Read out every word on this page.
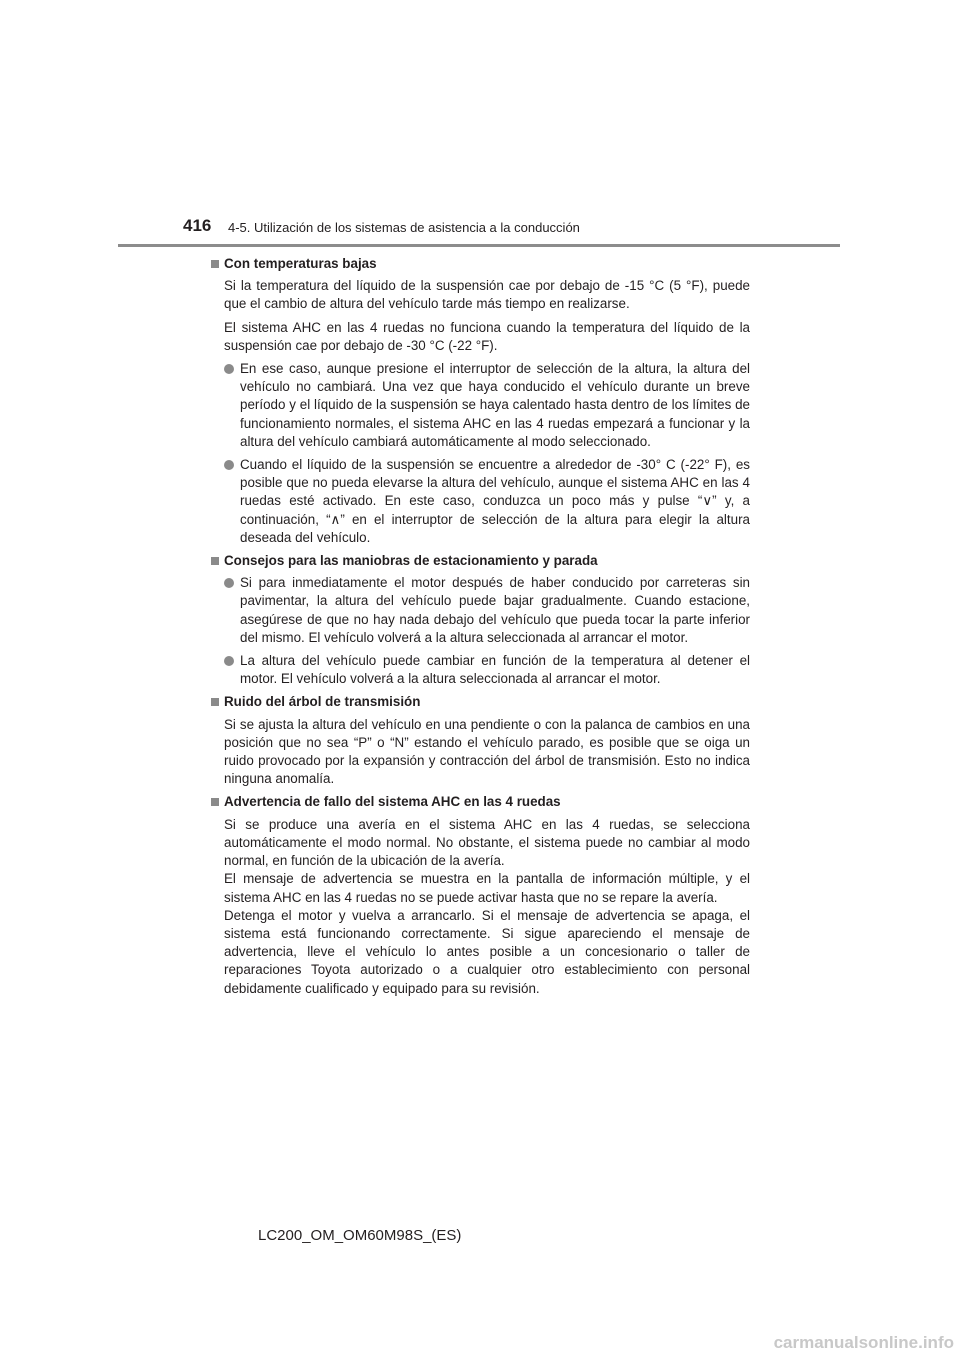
416 4-5. Utilización de los sistemas de asistencia a la conducción
Con temperaturas bajas
Si la temperatura del líquido de la suspensión cae por debajo de -15 °C (5 °F), puede que el cambio de altura del vehículo tarde más tiempo en realizarse.
El sistema AHC en las 4 ruedas no funciona cuando la temperatura del líquido de la suspensión cae por debajo de -30 °C (-22 °F).
En ese caso, aunque presione el interruptor de selección de la altura, la altura del vehículo no cambiará. Una vez que haya conducido el vehículo durante un breve período y el líquido de la suspensión se haya calentado hasta dentro de los límites de funcionamiento normales, el sistema AHC en las 4 ruedas empezará a funcionar y la altura del vehículo cambiará automáticamente al modo seleccionado.
Cuando el líquido de la suspensión se encuentre a alrededor de -30° C (-22° F), es posible que no pueda elevarse la altura del vehículo, aunque el sistema AHC en las 4 ruedas esté activado. En este caso, conduzca un poco más y pulse “∨” y, a continuación, “∧” en el interruptor de selección de la altura para elegir la altura deseada del vehículo.
Consejos para las maniobras de estacionamiento y parada
Si para inmediatamente el motor después de haber conducido por carreteras sin pavimentar, la altura del vehículo puede bajar gradualmente. Cuando estacione, asegúrese de que no hay nada debajo del vehículo que pueda tocar la parte inferior del mismo. El vehículo volverá a la altura seleccionada al arrancar el motor.
La altura del vehículo puede cambiar en función de la temperatura al detener el motor. El vehículo volverá a la altura seleccionada al arrancar el motor.
Ruido del árbol de transmisión
Si se ajusta la altura del vehículo en una pendiente o con la palanca de cambios en una posición que no sea “P” o “N” estando el vehículo parado, es posible que se oiga un ruido provocado por la expansión y contracción del árbol de transmisión. Esto no indica ninguna anomalía.
Advertencia de fallo del sistema AHC en las 4 ruedas
Si se produce una avería en el sistema AHC en las 4 ruedas, se selecciona automáticamente el modo normal. No obstante, el sistema puede no cambiar al modo normal, en función de la ubicación de la avería.
El mensaje de advertencia se muestra en la pantalla de información múltiple, y el sistema AHC en las 4 ruedas no se puede activar hasta que no se repare la avería.
Detenga el motor y vuelva a arrancarlo. Si el mensaje de advertencia se apaga, el sistema está funcionando correctamente. Si sigue apareciendo el mensaje de advertencia, lleve el vehículo lo antes posible a un concesionario o taller de reparaciones Toyota autorizado o a cualquier otro establecimiento con personal debidamente cualificado y equipado para su revisión.
LC200_OM_OM60M98S_(ES)
carmanualsonline.info
